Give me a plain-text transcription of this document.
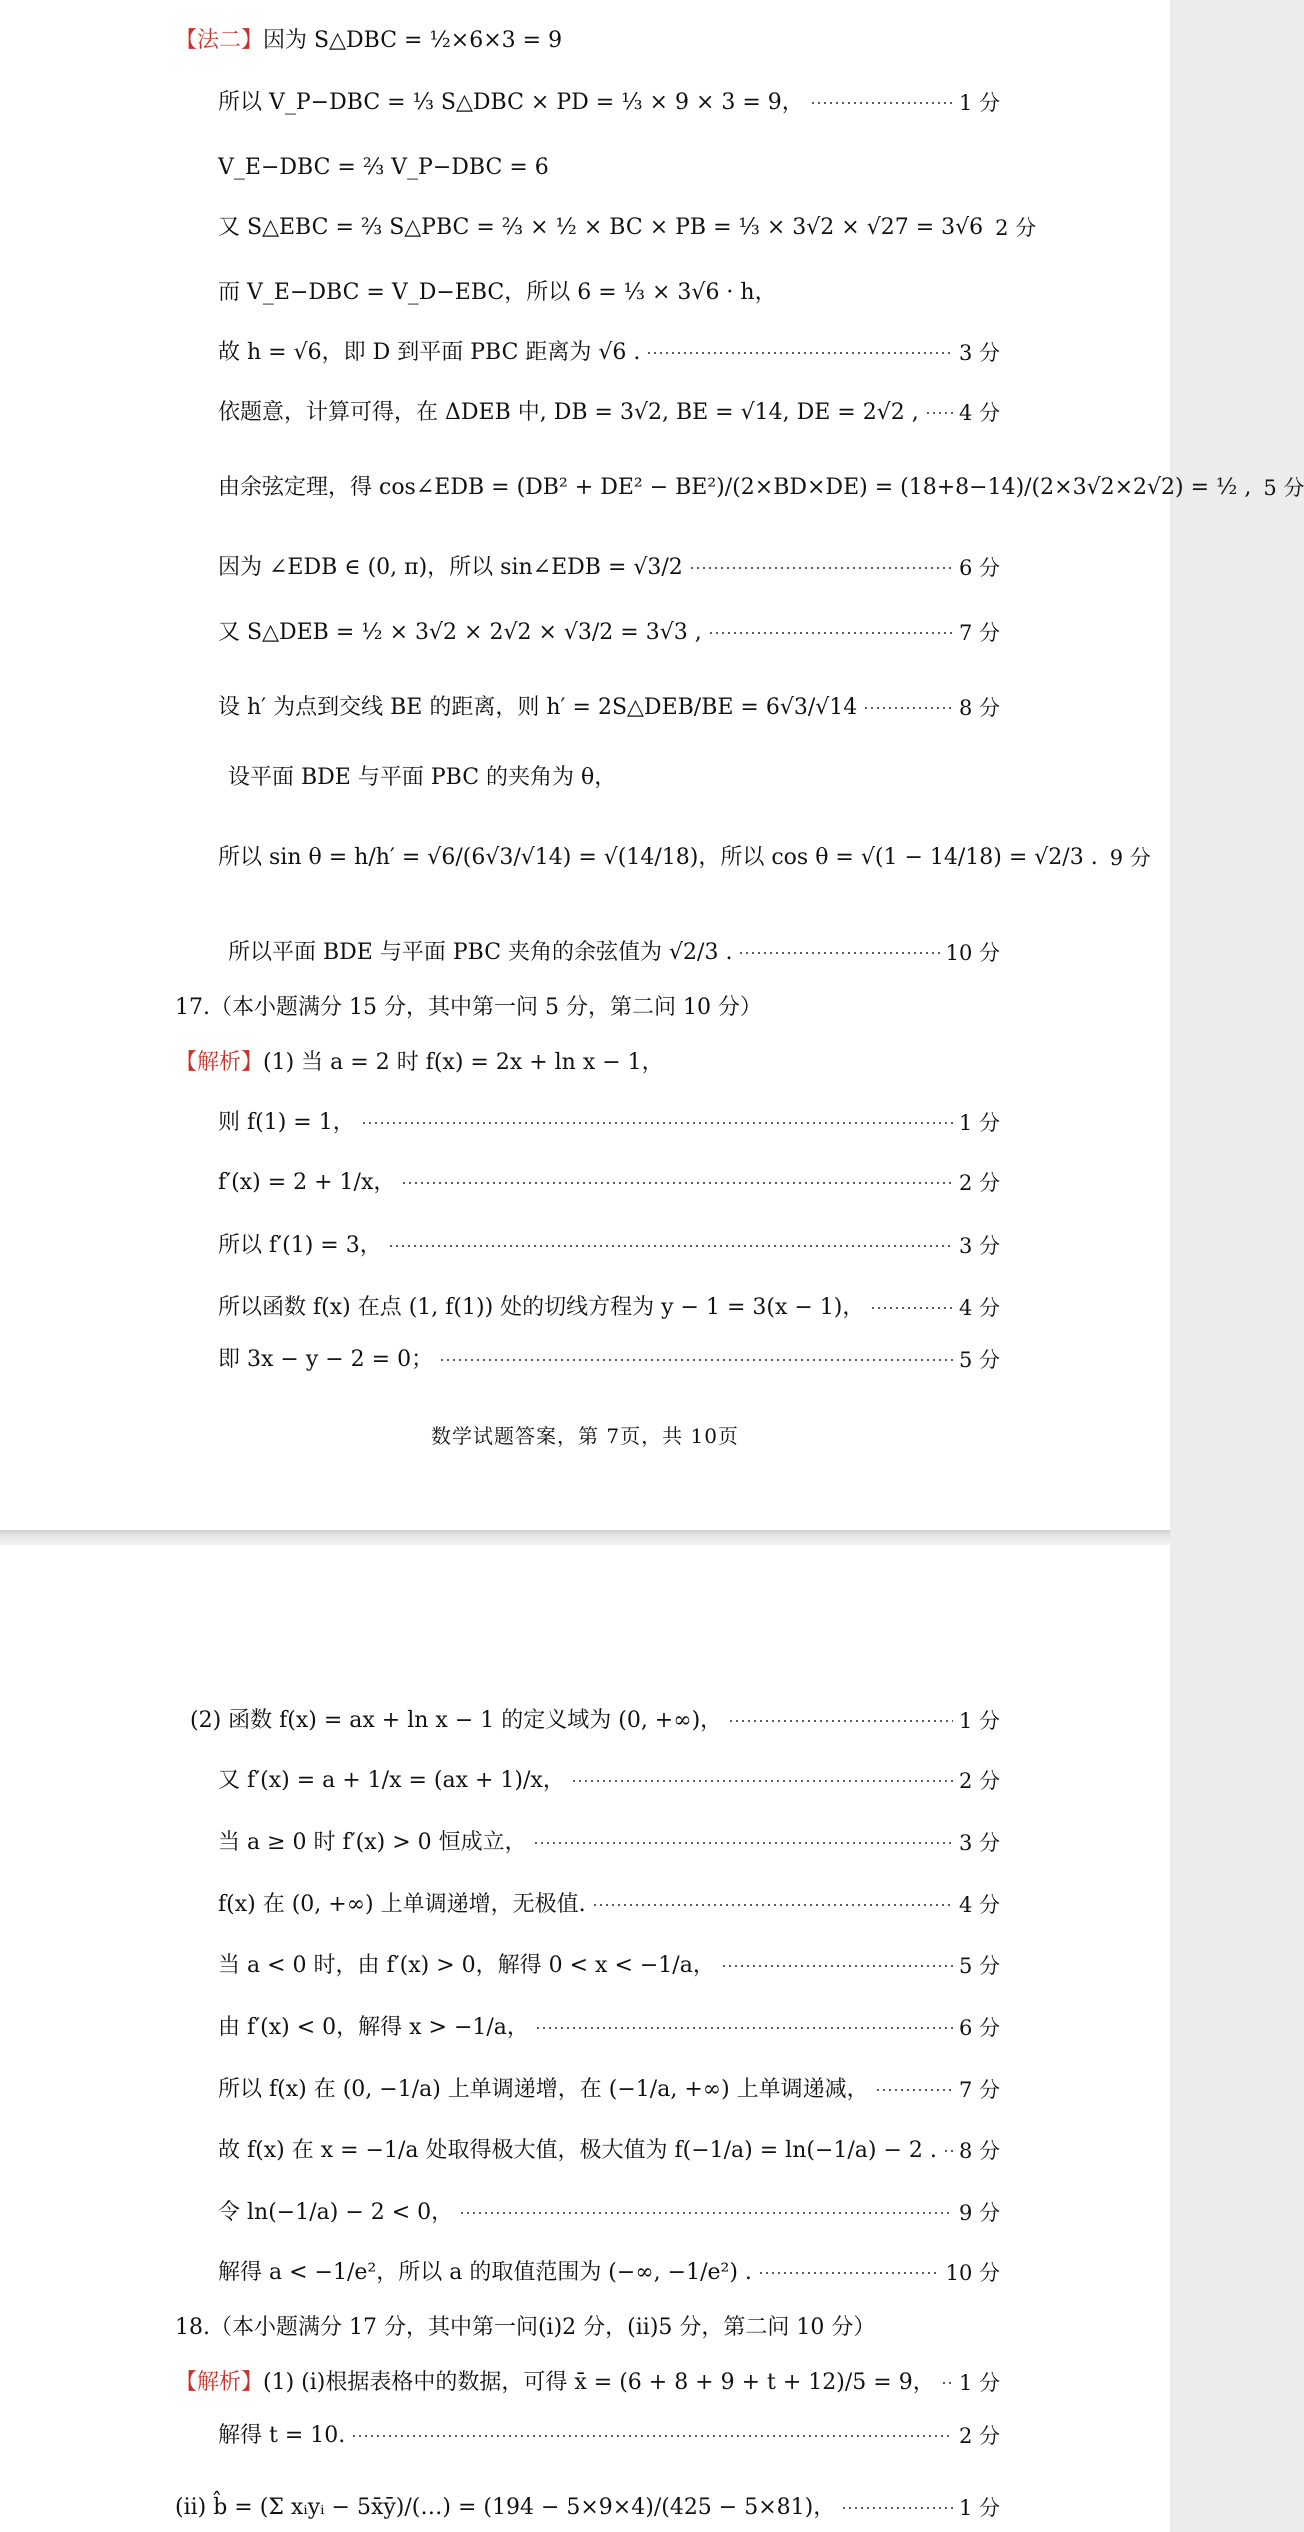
【法二】 因为 S△DBC = ½×6×3 = 9
所以 V_P−DBC = ⅓ S△DBC × PD = ⅓ × 9 × 3 = 9，	1 分
V_E−DBC = ⅔ V_P−DBC = 6
又 S△EBC = ⅔ S△PBC = ⅔ × ½ × BC × PB = ⅓ × 3√2 × √27 = 3√6 2 分
而 V_E−DBC = V_D−EBC，所以 6 = ⅓ × 3√6 · h，
故 h = √6，即 D 到平面 PBC 距离为 √6 .	3 分
依题意，计算可得，在 ΔDEB 中, DB = 3√2, BE = √14, DE = 2√2 , 4 分
由余弦定理，得 cos∠EDB = (DB² + DE² − BE²)/(2×BD×DE) = (18+8−14)/(2×3√2×2√2) = ½ , 5 分
因为 ∠EDB ∈ (0, π)，所以 sin∠EDB = √3/2	6 分
又 S△DEB = ½ × 3√2 × 2√2 × √3/2 = 3√3 ,	7 分
设 h′ 为点到交线 BE 的距离，则 h′ = 2S△DEB/BE = 6√3/√14	8 分
设平面 BDE 与平面 PBC 的夹角为 θ，
所以 sin θ = h/h′ = √6/(6√3/√14) = √(14/18)，所以 cos θ = √(1 − 14/18) = √2/3 . 9 分
所以平面 BDE 与平面 PBC 夹角的余弦值为 √2/3 .	10 分
17.（本小题满分 15 分，其中第一问 5 分，第二问 10 分）
【解析】 (1) 当 a = 2 时 f(x) = 2x + ln x − 1，
则 f(1) = 1，	1 分
f′(x) = 2 + 1/x，	2 分
所以 f′(1) = 3，	3 分
所以函数 f(x) 在点 (1, f(1)) 处的切线方程为 y − 1 = 3(x − 1)，	4 分
即 3x − y − 2 = 0；	5 分
(2) 函数 f(x) = ax + ln x − 1 的定义域为 (0, +∞)，	1 分
又 f′(x) = a + 1/x = (ax + 1)/x，	2 分
当 a ≥ 0 时 f′(x) > 0 恒成立，	3 分
f(x) 在 (0, +∞) 上单调递增，无极值.	4 分
当 a < 0 时，由 f′(x) > 0，解得 0 < x < −1/a，	5 分
由 f′(x) < 0，解得 x > −1/a，	6 分
所以 f(x) 在 (0, −1/a) 上单调递增，在 (−1/a, +∞) 上单调递减，	7 分
故 f(x) 在 x = −1/a 处取得极大值，极大值为 f(−1/a) = ln(−1/a) − 2 . 8 分
令 ln(−1/a) − 2 < 0，	9 分
解得 a < −1/e²，所以 a 的取值范围为 (−∞, −1/e²) .	10 分
18.（本小题满分 17 分，其中第一问(i)2 分，(ii)5 分，第二问 10 分）
【解析】 (1) (i)根据表格中的数据，可得 x̄ = (6 + 8 + 9 + t + 12)/5 = 9， 1 分
解得 t = 10.	2 分
(ii) b̂ = (Σ xᵢyᵢ − 5x̄ȳ)/(…) = (194 − 5×9×4)/(425 − 5×81)，	1 分
数学试题答案，第 7页，共 10页
